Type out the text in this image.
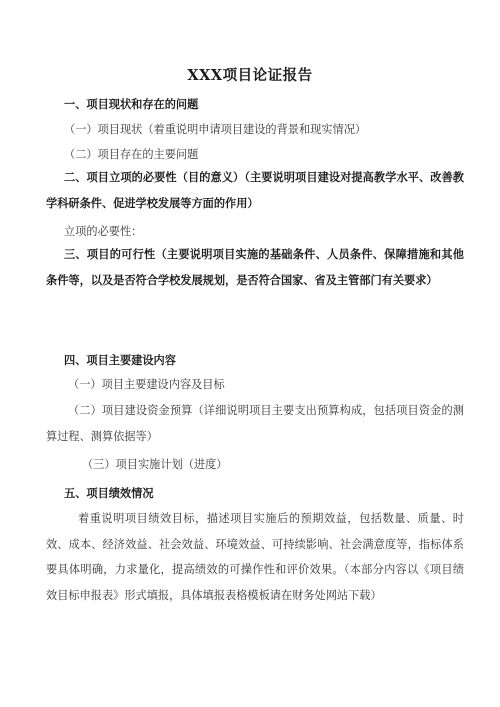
XXX项目论证报告
一、项目现状和存在的问题
（一）项目现状（着重说明申请项目建设的背景和现实情况）
（二）项目存在的主要问题
二、项目立项的必要性（目的意义）（主要说明项目建设对提高教学水平、改善教学科研条件、促进学校发展等方面的作用）
立项的必要性：
三、项目的可行性（主要说明项目实施的基础条件、人员条件、保障措施和其他条件等，以及是否符合学校发展规划，是否符合国家、省及主管部门有关要求）
四、项目主要建设内容
（一）项目主要建设内容及目标
（二）项目建设资金预算（详细说明项目主要支出预算构成，包括项目资金的测算过程、测算依据等）
（三）项目实施计划（进度）
五、项目绩效情况
着重说明项目绩效目标，描述项目实施后的预期效益，包括数量、质量、时效、成本、经济效益、社会效益、环境效益、可持续影响、社会满意度等，指标体系要具体明确，力求量化，提高绩效的可操作性和评价效果。（本部分内容以《项目绩效目标申报表》形式填报，具体填报表格模板请在财务处网站下载）
